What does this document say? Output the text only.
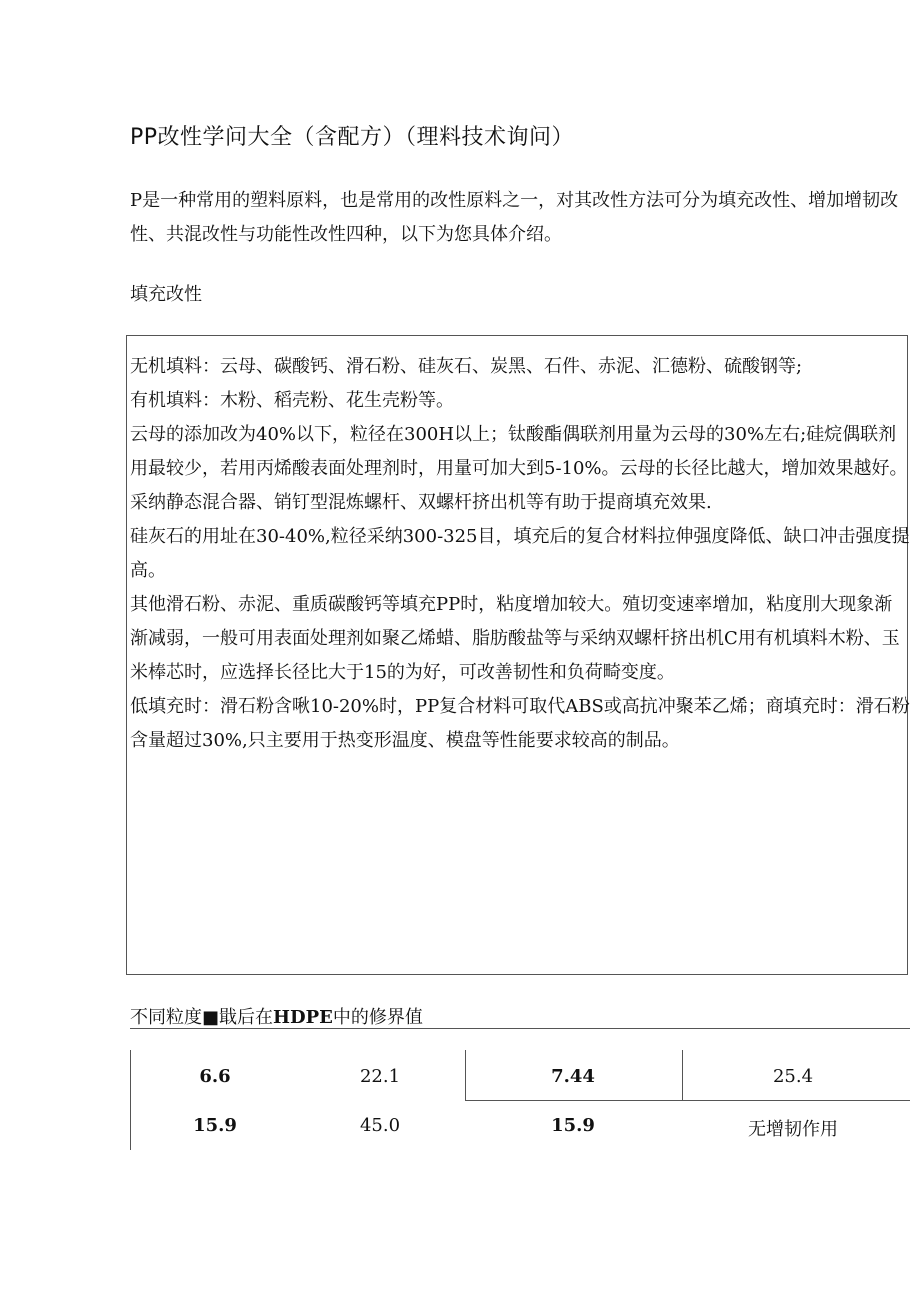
PP改性学问大全（含配方）（理料技术询问）
P是一种常用的塑料原料，也是常用的改性原料之一，对其改性方法可分为填充改性、增加增韧改性、共混改性与功能性改性四种，以下为您具体介绍。
填充改性

无机填料：云母、碳酸钙、滑石粉、硅灰石、炭黑、石件、赤泥、汇德粉、硫酸钢等;

有机填料：木粉、稻壳粉、花生壳粉等。

云母的添加改为40%以下，粒径在300H以上；钛酸酯偶联剂用量为云母的30%左右;硅烷偶联剂用最较少，若用丙烯酸表面处理剂时，用量可加大到5-10%。云母的长径比越大，增加效果越好。采纳静态混合器、销钉型混炼螺杆、双螺杆挤出机等有助于提商填充效果.

硅灰石的用址在30-40%,粒径采纳300-325目，填充后的复合材料拉伸强度降低、缺口冲击强度提高。

其他滑石粉、赤泥、重质碳酸钙等填充PP时，粘度增加较大。殖切变速率增加，粘度刖大现象渐渐减弱，一般可用表面处理剂如聚乙烯蜡、脂肪酸盐等与采纳双螺杆挤出机C用有机填料木粉、玉米棒芯时，应选择长径比大于15的为好，可改善韧性和负荷畸变度。

低填充时：滑石粉含啾10-20%时，PP复合材料可取代ABS或高抗冲聚苯乙烯；商填充时：滑石粉含量超过30%,只主要用于热变形温度、模盘等性能要求较高的制品。

不同粒度■戢后在HDPE中的修界值
6.6	22.1	7.44	25.4
15.9	45.0	15.9	无增韧作用
